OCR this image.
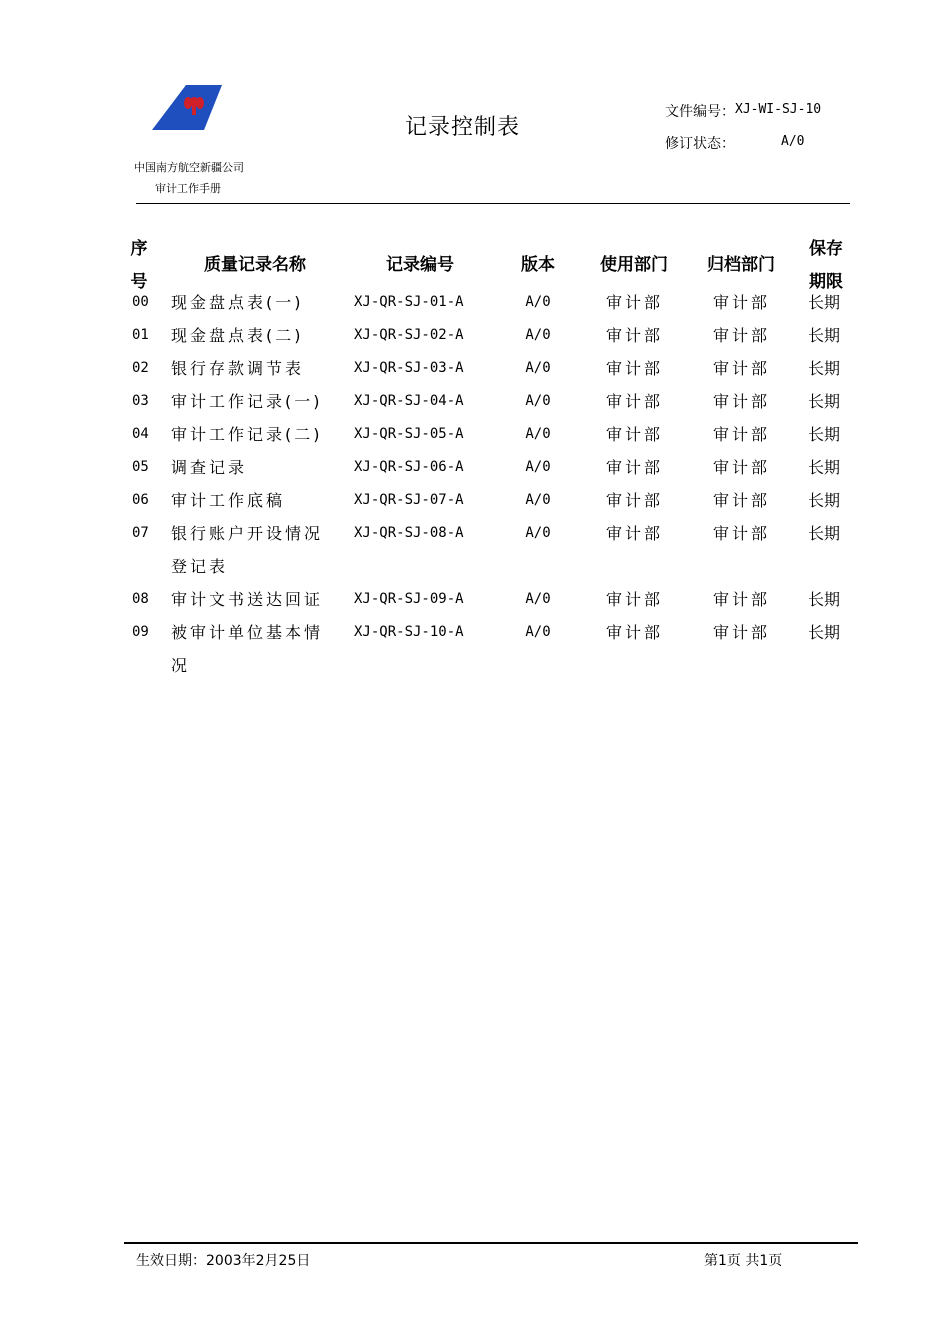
中国南方航空新疆公司
审计工作手册
记录控制表
文件编号： XJ-WI-SJ-10
修订状态：	A/0
序
号
质量记录名称	记录编号	版本	使用部门	归档部门
保存
期限
00	现金盘点表(一)	XJ-QR-SJ-01-A	A/0	审计部	审计部 长期
01	现金盘点表(二)	XJ-QR-SJ-02-A	A/0	审计部	审计部 长期
02	银行存款调节表	XJ-QR-SJ-03-A	A/0	审计部	审计部 长期
03	审计工作记录(一)	XJ-QR-SJ-04-A	A/0	审计部	审计部 长期
04	审计工作记录(二)	XJ-QR-SJ-05-A	A/0	审计部	审计部 长期
05	调查记录	XJ-QR-SJ-06-A	A/0	审计部	审计部 长期
06	审计工作底稿	XJ-QR-SJ-07-A	A/0	审计部	审计部 长期
07	银行账户开设情况	XJ-QR-SJ-08-A	A/0	审计部	审计部 长期
登记表
08	审计文书送达回证	XJ-QR-SJ-09-A	A/0	审计部	审计部 长期
09	被审计单位基本情	XJ-QR-SJ-10-A	A/0	审计部	审计部 长期
况
生效日期：2003年2月25日	第1页 共1页
